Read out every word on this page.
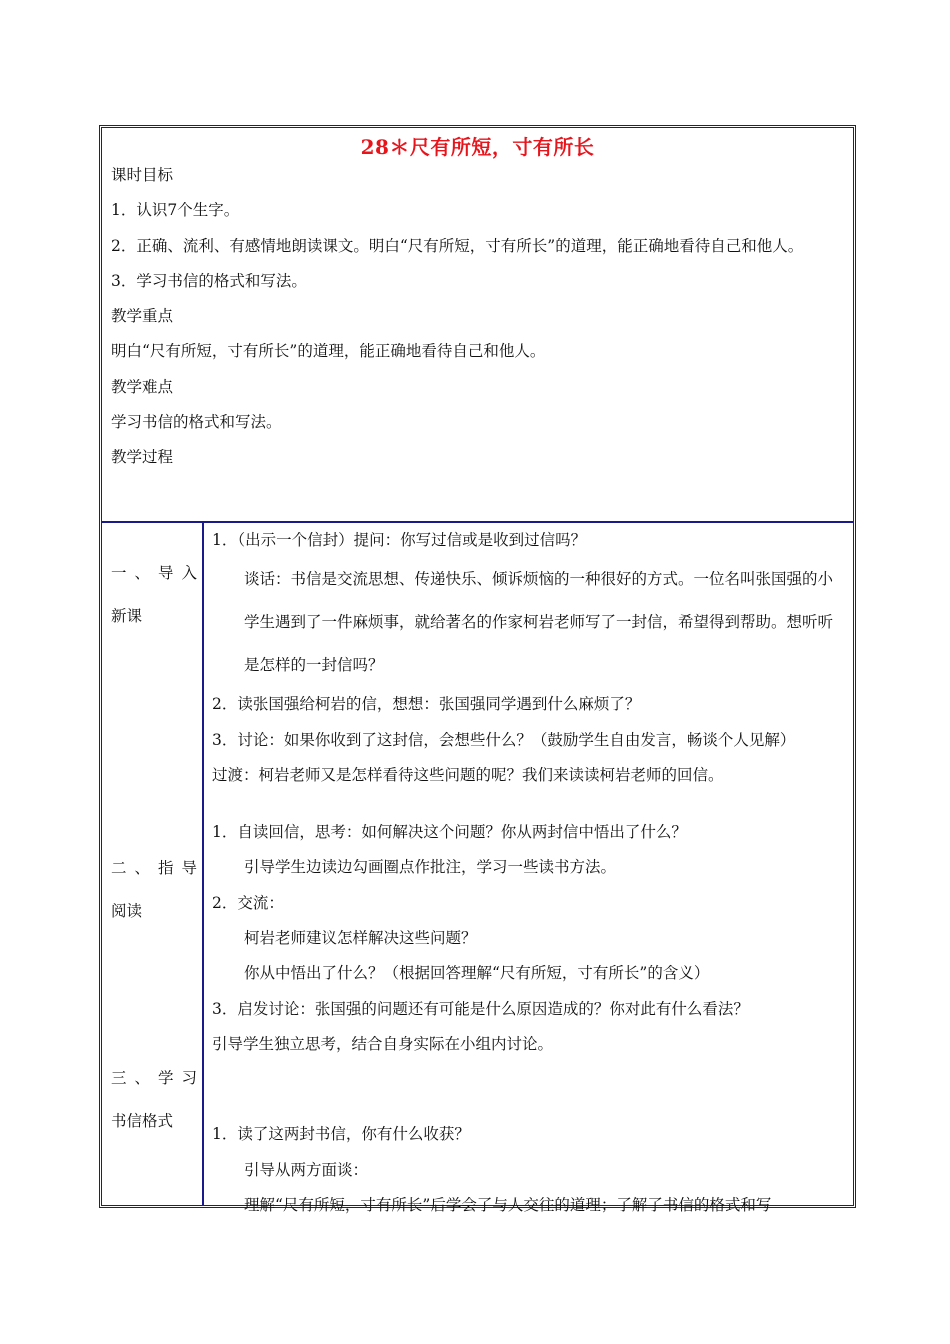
28＊尺有所短，寸有所长
课时目标
1．认识7个生字。
2．正确、流利、有感情地朗读课文。明白“尺有所短，寸有所长”的道理，能正确地看待自己和他人。
3．学习书信的格式和写法。
教学重点
明白“尺有所短，寸有所长”的道理，能正确地看待自己和他人。
教学难点
学习书信的格式和写法。
教学过程
一、导入
新课
二、指导
阅读
三、学习
书信格式
1．（出示一个信封）提问：你写过信或是收到过信吗？
谈话：书信是交流思想、传递快乐、倾诉烦恼的一种很好的方式。一位名叫张国强的小学生遇到了一件麻烦事，就给著名的作家柯岩老师写了一封信，希望得到帮助。想听听是怎样的一封信吗？
2．读张国强给柯岩的信，想想：张国强同学遇到什么麻烦了？
3．讨论：如果你收到了这封信，会想些什么？（鼓励学生自由发言，畅谈个人见解）
过渡：柯岩老师又是怎样看待这些问题的呢？我们来读读柯岩老师的回信。
1．自读回信，思考：如何解决这个问题？你从两封信中悟出了什么？
引导学生边读边勾画圈点作批注，学习一些读书方法。
2．交流：
柯岩老师建议怎样解决这些问题？
你从中悟出了什么？（根据回答理解“尺有所短，寸有所长”的含义）
3．启发讨论：张国强的问题还有可能是什么原因造成的？你对此有什么看法？
引导学生独立思考，结合自身实际在小组内讨论。
1．读了这两封书信，你有什么收获？
引导从两方面谈：
理解“尺有所短，寸有所长”后学会了与人交往的道理；了解了书信的格式和写
